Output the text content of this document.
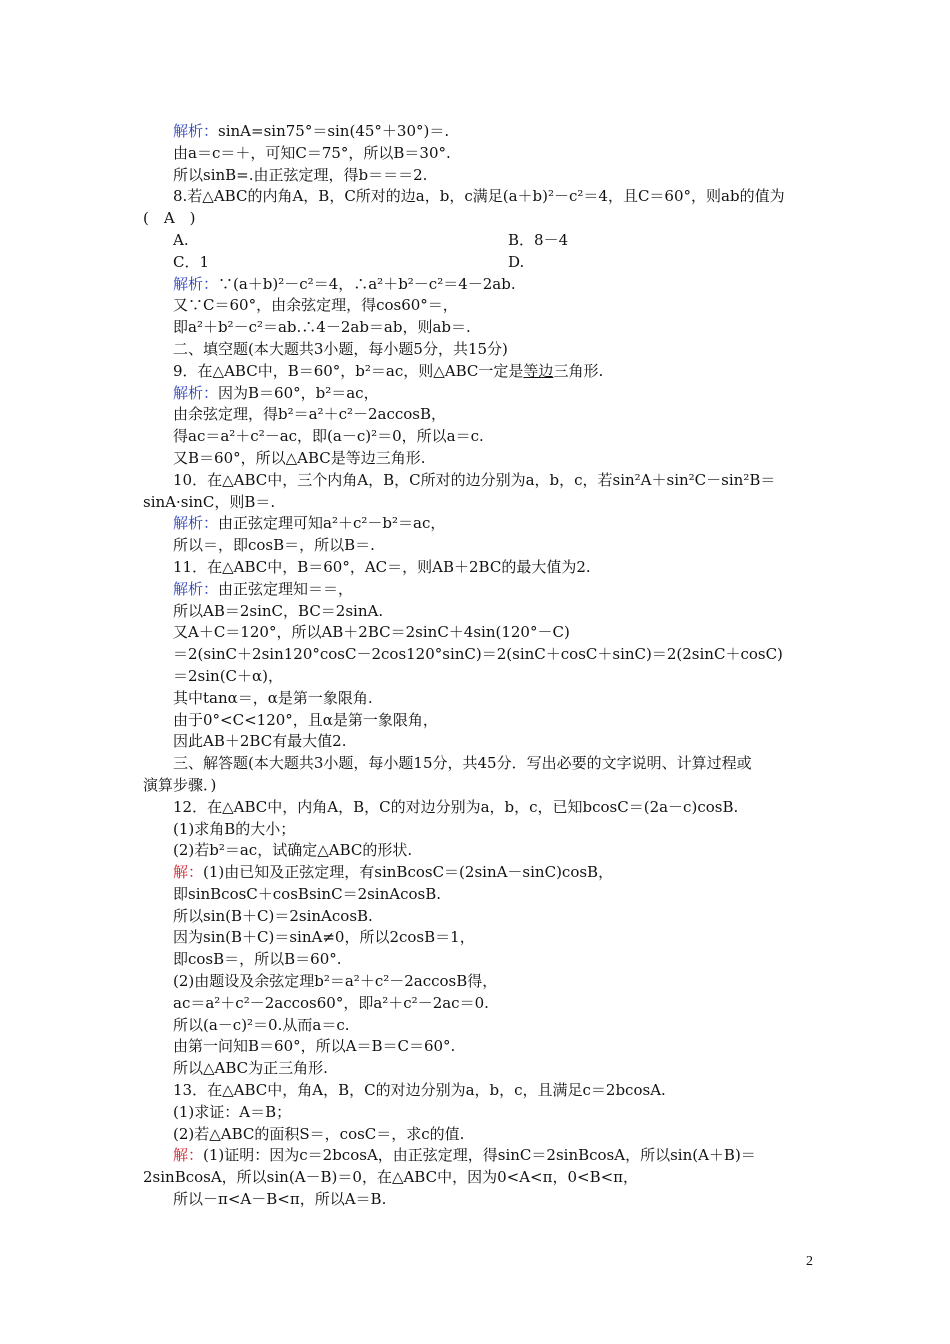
解析：sinA=sin75°＝sin(45°＋30°)＝.
由a＝c＝＋，可知C＝75°，所以B＝30°.
所以sinB=.由正弦定理，得b＝＝＝2.
8.若△ABC的内角A，B，C所对的边a，b，c满足(a＋b)²－c²＝4，且C＝60°，则ab的值为
(　A　)
A.	B．8－4
C．1	D.
解析：∵(a＋b)²－c²＝4，∴a²＋b²－c²＝4－2ab.
又∵C＝60°，由余弦定理，得cos60°＝，
即a²＋b²－c²＝ab.∴4－2ab＝ab，则ab＝.
二、填空题(本大题共3小题，每小题5分，共15分)
9．在△ABC中，B＝60°，b²＝ac，则△ABC一定是等边三角形.
解析：因为B＝60°，b²＝ac，
由余弦定理，得b²＝a²＋c²－2accosB，
得ac＝a²＋c²－ac，即(a－c)²＝0，所以a＝c.
又B＝60°，所以△ABC是等边三角形.
10．在△ABC中，三个内角A，B，C所对的边分别为a，b，c，若sin²A＋sin²C－sin²B＝
sinA·sinC，则B＝.
解析：由正弦定理可知a²＋c²－b²＝ac，
所以＝，即cosB＝，所以B＝.
11．在△ABC中，B＝60°，AC＝，则AB＋2BC的最大值为2.
解析：由正弦定理知＝＝，
所以AB＝2sinC，BC＝2sinA.
又A＋C＝120°，所以AB＋2BC＝2sinC＋4sin(120°－C)
＝2(sinC＋2sin120°cosC－2cos120°sinC)＝2(sinC＋cosC＋sinC)＝2(2sinC＋cosC)
＝2sin(C＋α)，
其中tanα＝，α是第一象限角.
由于0°<C<120°，且α是第一象限角，
因此AB＋2BC有最大值2.
三、解答题(本大题共3小题，每小题15分，共45分．写出必要的文字说明、计算过程或
演算步骤．)
12．在△ABC中，内角A，B，C的对边分别为a，b，c，已知bcosC＝(2a－c)cosB.
(1)求角B的大小；
(2)若b²＝ac，试确定△ABC的形状.
解：(1)由已知及正弦定理，有sinBcosC＝(2sinA－sinC)cosB，
即sinBcosC＋cosBsinC＝2sinAcosB.
所以sin(B＋C)＝2sinAcosB.
因为sin(B＋C)＝sinA≠0，所以2cosB＝1，
即cosB＝，所以B＝60°.
(2)由题设及余弦定理b²＝a²＋c²－2accosB得，
ac＝a²＋c²－2accos60°，即a²＋c²－2ac＝0.
所以(a－c)²＝0.从而a＝c.
由第一问知B＝60°，所以A＝B＝C＝60°.
所以△ABC为正三角形.
13．在△ABC中，角A，B，C的对边分别为a，b，c，且满足c＝2bcosA.
(1)求证：A＝B；
(2)若△ABC的面积S＝，cosC＝，求c的值.
解：(1)证明：因为c＝2bcosA，由正弦定理，得sinC＝2sinBcosA，所以sin(A＋B)＝
2sinBcosA，所以sin(A－B)＝0，在△ABC中，因为0<A<π，0<B<π，
所以－π<A－B<π，所以A＝B.
2
